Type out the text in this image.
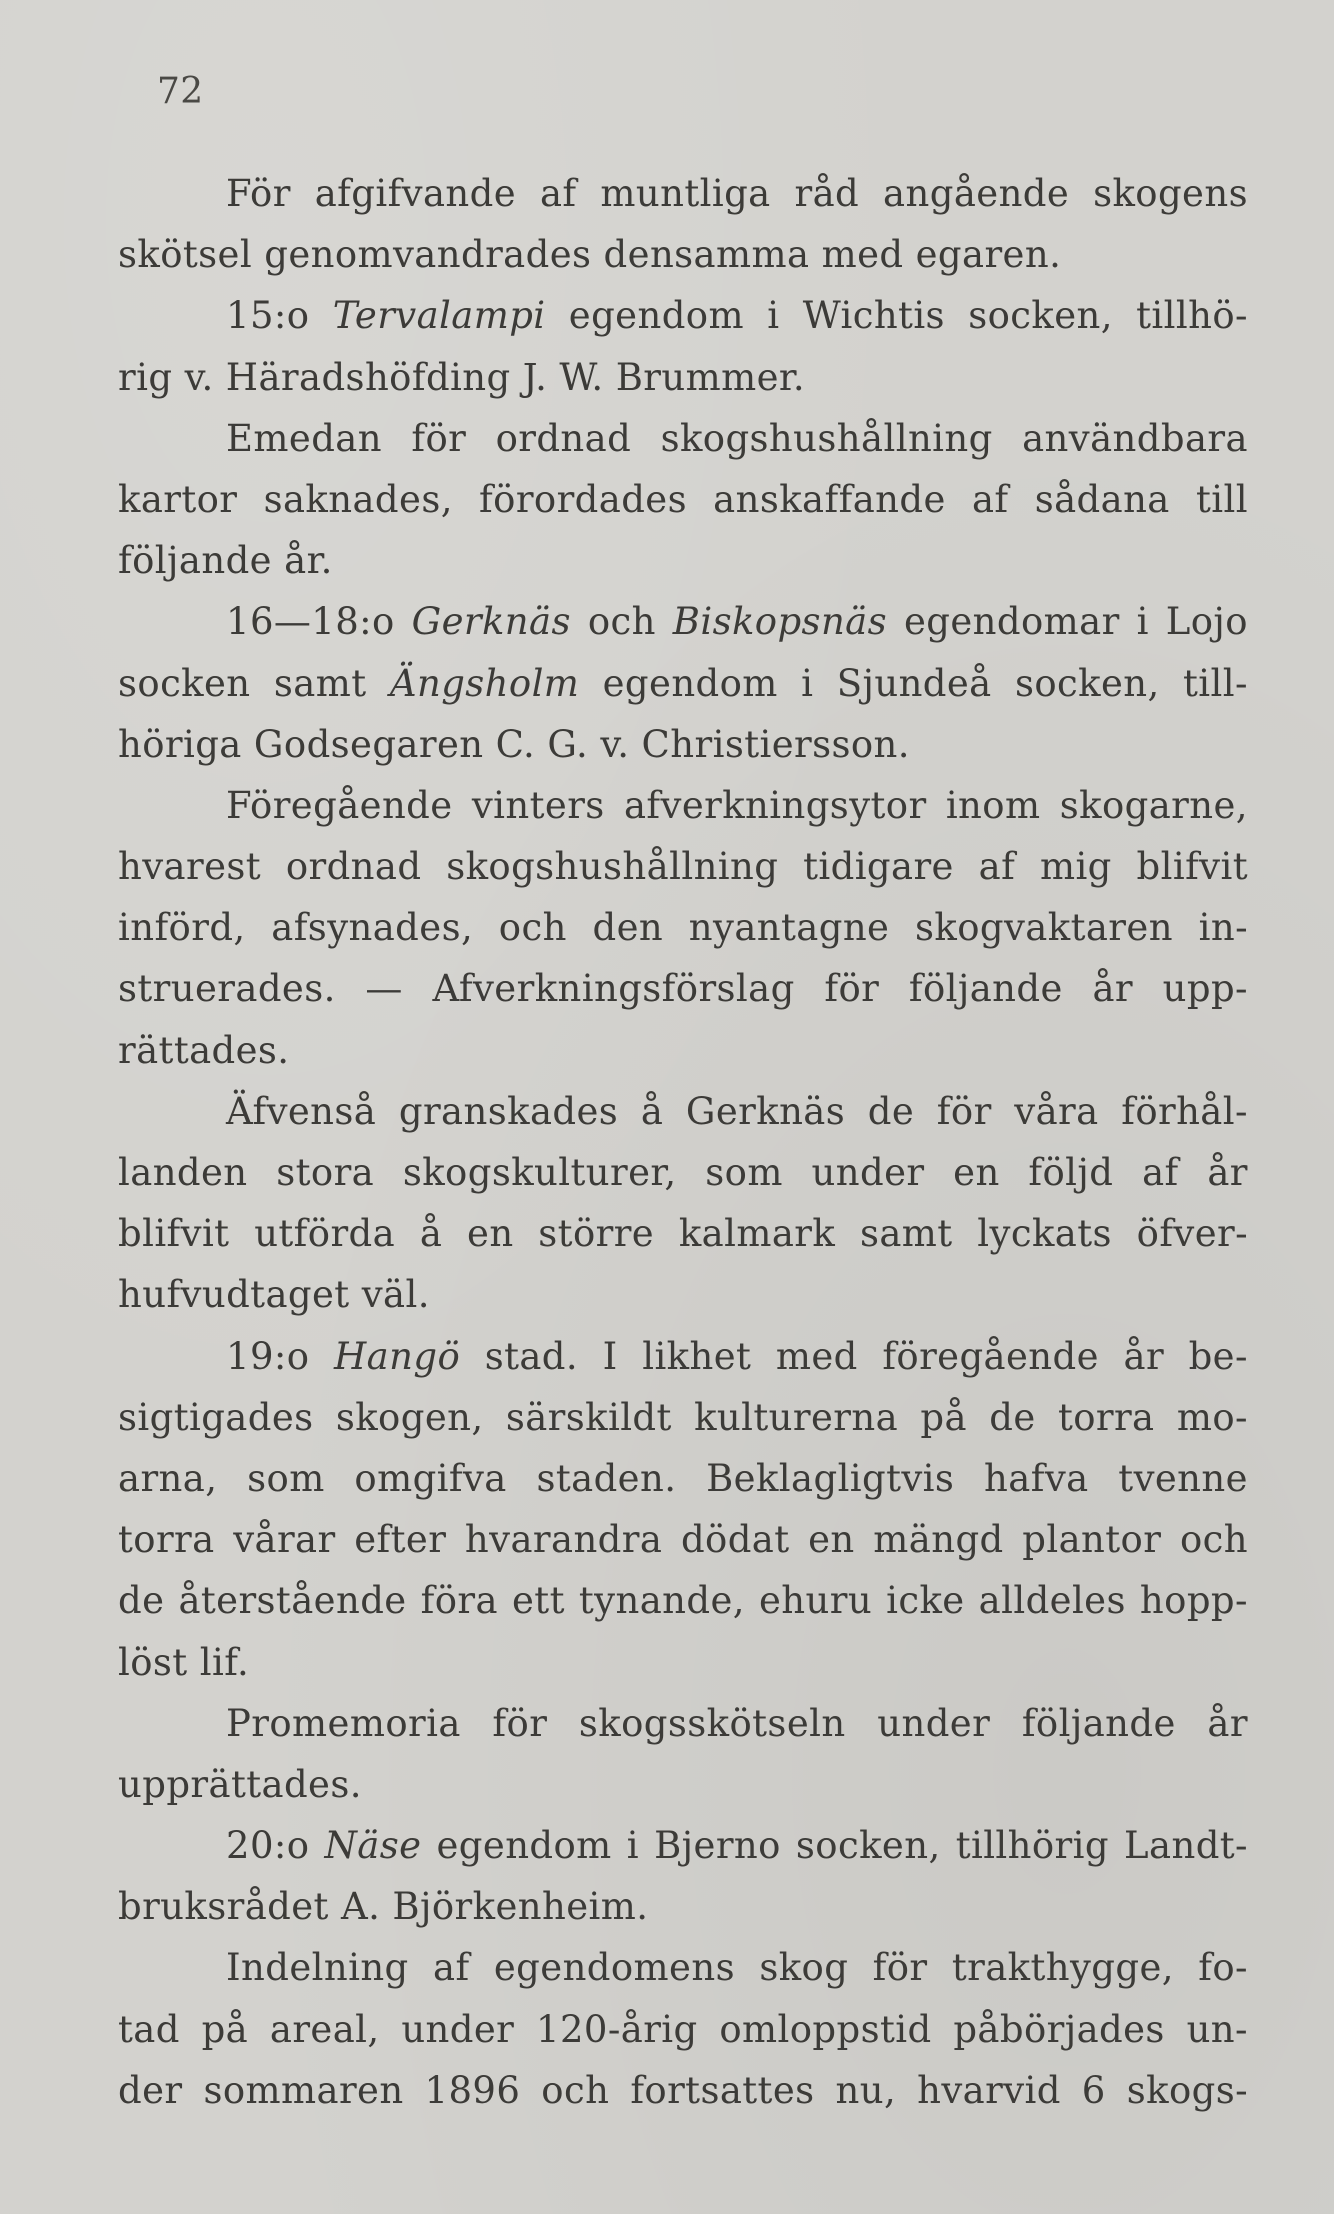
72
För afgifvande af muntliga råd angående skogens
skötsel genomvandrades densamma med egaren.
15:o Tervalampi egendom i Wichtis socken, tillhö-
rig v. Häradshöfding J. W. Brummer.
Emedan för ordnad skogshushållning användbara
kartor saknades, förordades anskaffande af sådana till
följande år.
16—18:o Gerknäs och Biskopsnäs egendomar i Lojo
socken samt Ängsholm egendom i Sjundeå socken, till-
höriga Godsegaren C. G. v. Christiersson.
Föregående vinters afverkningsytor inom skogarne,
hvarest ordnad skogshushållning tidigare af mig blifvit
införd, afsynades, och den nyantagne skogvaktaren in-
struerades. — Afverkningsförslag för följande år upp-
rättades.
Äfvenså granskades å Gerknäs de för våra förhål-
landen stora skogskulturer, som under en följd af år
blifvit utförda å en större kalmark samt lyckats öfver-
hufvudtaget väl.
19:o Hangö stad. I likhet med föregående år be-
sigtigades skogen, särskildt kulturerna på de torra mo-
arna, som omgifva staden. Beklagligtvis hafva tvenne
torra vårar efter hvarandra dödat en mängd plantor och
de återstående föra ett tynande, ehuru icke alldeles hopp-
löst lif.
Promemoria för skogsskötseln under följande år
upprättades.
20:o Näse egendom i Bjerno socken, tillhörig Landt-
bruksrådet A. Björkenheim.
Indelning af egendomens skog för trakthygge, fo-
tad på areal, under 120-årig omloppstid påbörjades un-
der sommaren 1896 och fortsattes nu, hvarvid 6 skogs-
